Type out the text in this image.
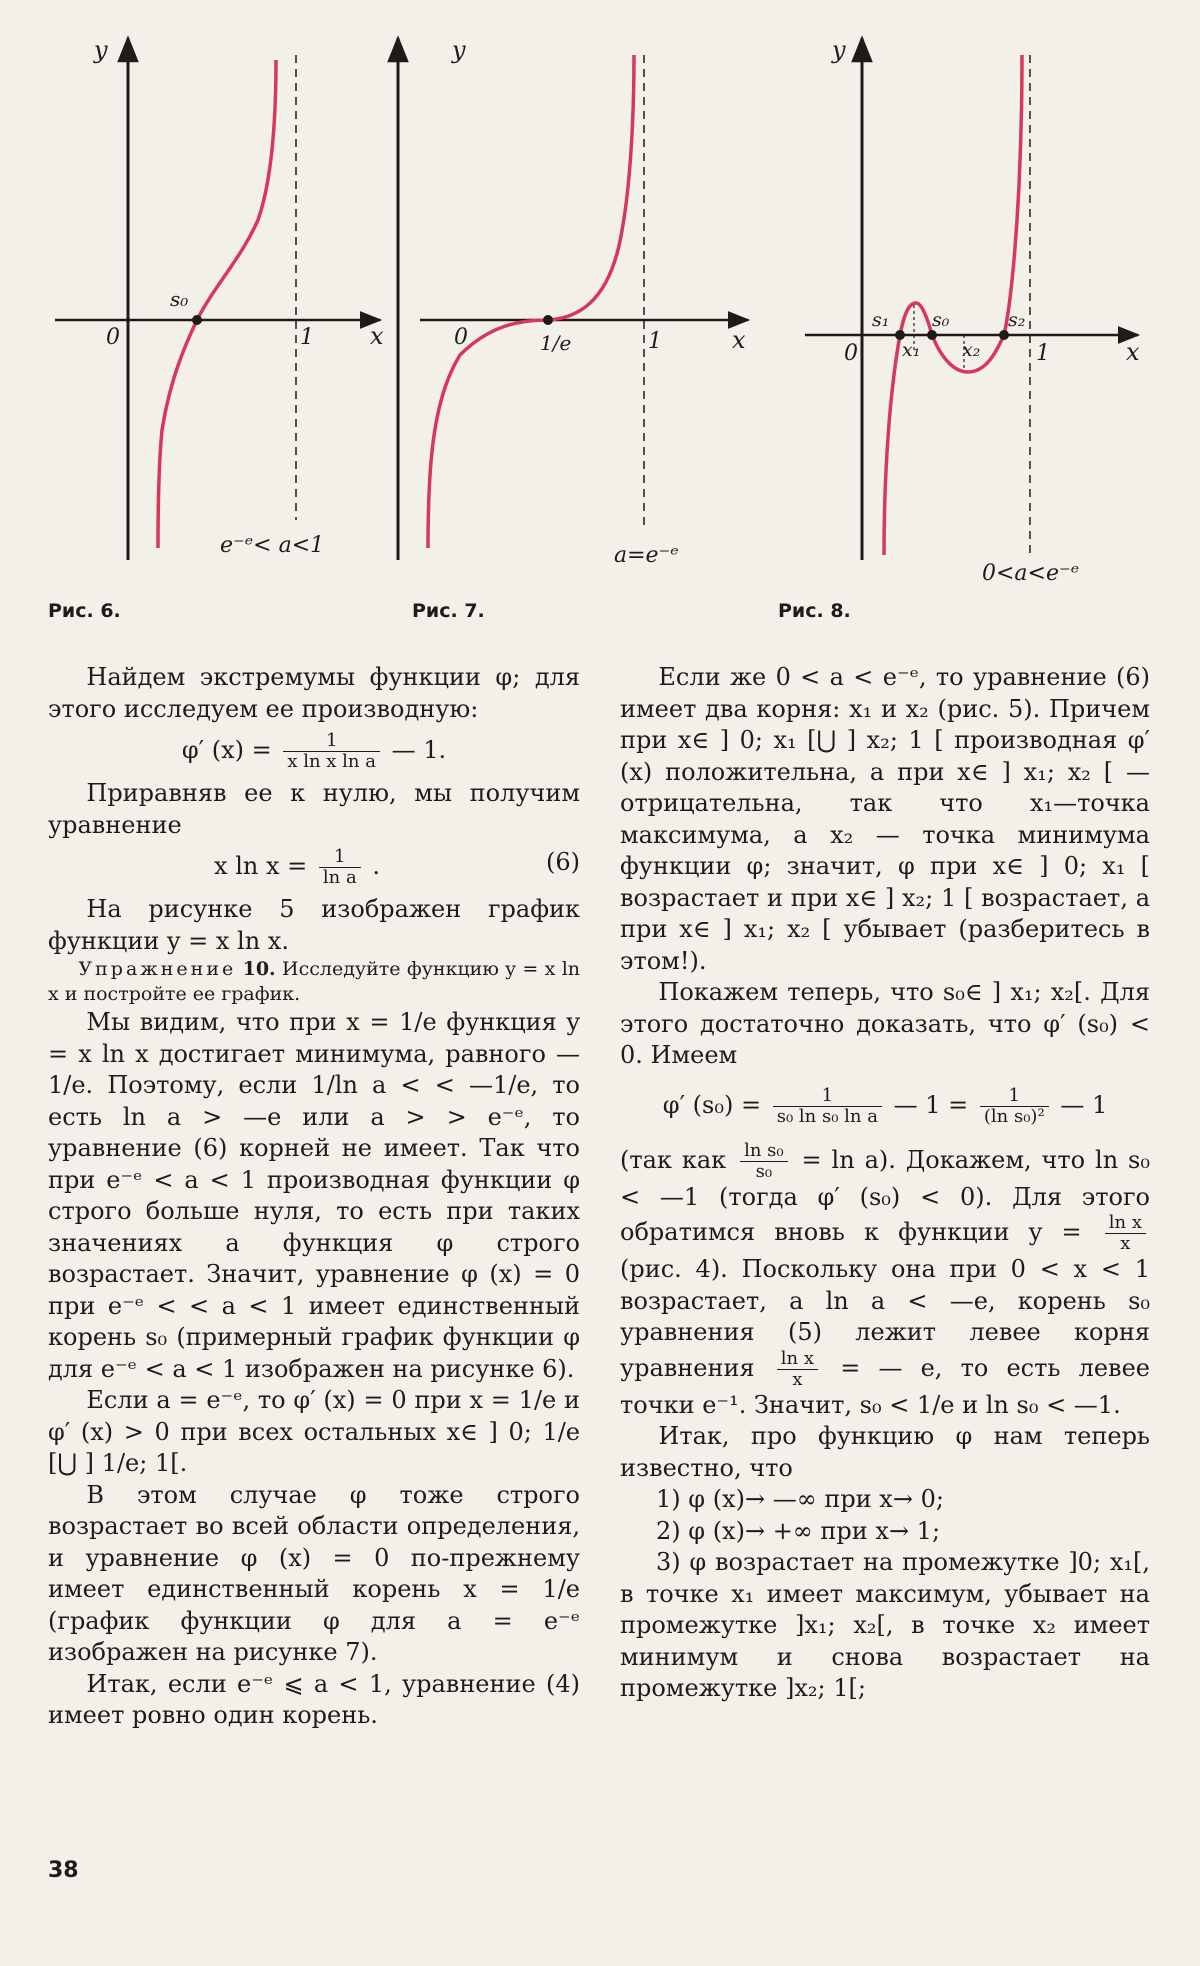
y
0	x
1
s₀
e⁻ᵉ< a<1
y
0	x
1
1/e
a=e⁻ᵉ
y
0	x
1
s₁ s₀	s₂
x₁ x₂
0<a<e⁻ᵉ
Рис. 6.	Рис. 7.	Рис. 8.

Найдем экстремумы функции φ; для этого исследуем ее производную:

φ′ $(x) = \frac{1}{\text{x ln x ln a}}$ — 1.

Приравняв ее к нулю, мы получим уравнение

(6)
x $\ln x = \frac{1}{\text{ln a}}$ .

На рисунке 5 изображен график функции y = x ln x.

Упражнение 10. Исследуйте функцию y = x ln x и постройте ее график.

Мы видим, что при x = 1/e функция y = x ln x достигает минимума, равного —1/e. Поэтому, если 1/ln a < < —1/e, то есть ln a > —e или a > > e⁻ᵉ, то уравнение (6) корней не имеет. Так что при e⁻ᵉ < a < 1 производная функции φ строго больше нуля, то есть при таких значениях a функция φ строго возрастает. Значит, уравнение φ (x) = 0 при e⁻ᵉ < < a < 1 имеет единственный корень s₀ (примерный график функции φ для e⁻ᵉ < a < 1 изображен на рисунке 6).

Если a = e⁻ᵉ, то φ′ (x) = 0 при x = 1/e и φ′ (x) > 0 при всех остальных x∈ ] 0; 1/e [⋃ ] 1/e; 1[.

В этом случае φ тоже строго возрастает во всей области определения, и уравнение φ (x) = 0 по-прежнему имеет единственный корень x = 1/e (график функции φ для a = e⁻ᵉ изображен на рисунке 7).

Итак, если e⁻ᵉ ⩽ a < 1, уравнение (4) имеет ровно один корень.

Если же 0 < a < e⁻ᵉ, то уравнение (6) имеет два корня: x₁ и x₂ (рис. 5). Причем при x∈ ] 0; x₁ [⋃ ] x₂; 1 [ производная φ′ (x) положительна, а при x∈ ] x₁; x₂ [ — отрицательна, так что x₁—точка максимума, а x₂ — точка минимума функции φ; значит, φ при x∈ ] 0; x₁ [ возрастает и при x∈ ] x₂; 1 [ возрастает, а при x∈ ] x₁; x₂ [ убывает (разберитесь в этом!).

Покажем теперь, что s₀∈ ] x₁; x₂[. Для этого достаточно доказать, что φ′ (s₀) < 0. Имеем

φ′ $(s_0) = \frac{1}{\text{s₀ ln s₀ ln a}}$ — $1 = \frac{1}{\text{(ln s₀)²}}$ — 1

(так как $\frac{\text{ln s₀}}{\text{s₀}} = \ln a$). Докажем, что ln s₀ < —1 (тогда φ′ (s₀) < 0). Для этого обратимся вновь к функции $y = \frac{\text{ln x}}{x}$
(рис. 4). Поскольку она при 0 < x < 1 возрастает, а ln a < —e, корень s₀ уравнения (5) лежит левее корня уравнения $\frac{\text{ln x}}{x}$ = — e, то есть левее точки e⁻¹. Значит, s₀ < 1/e и ln s₀ < —1.

Итак, про функцию φ нам теперь известно, что

1) φ (x)→ —∞ при x→ 0;
2) φ (x)→ +∞ при x→ 1;
3) φ возрастает на промежутке ]0; x₁[, в точке x₁ имеет максимум, убывает на промежутке ]x₁; x₂[, в точке x₂ имеет минимум и снова возрастает на промежутке ]x₂; 1[;
38
